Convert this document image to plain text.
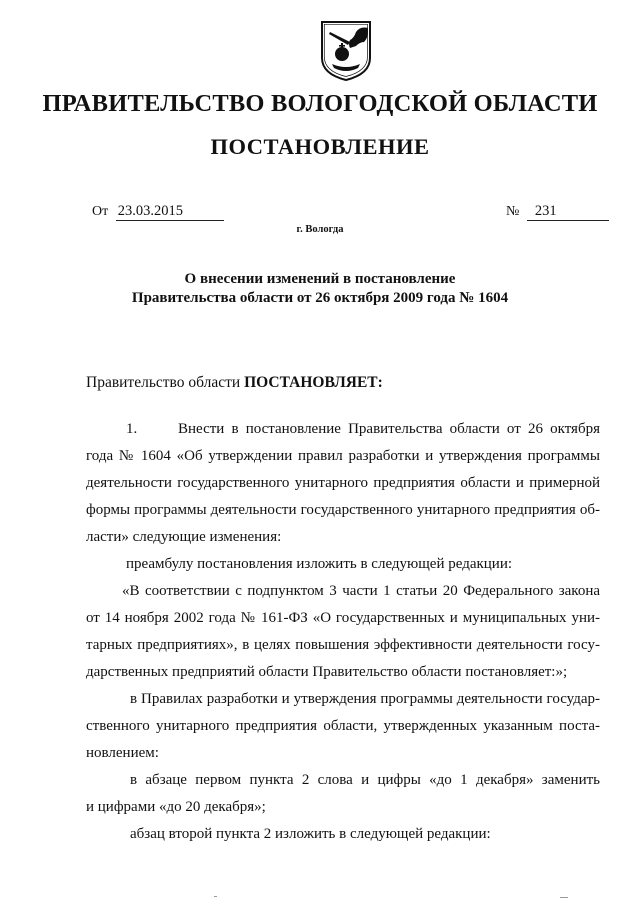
ПРАВИТЕЛЬСТВО ВОЛОГОДСКОЙ ОБЛАСТИ
ПОСТАНОВЛЕНИЕ
От 23.03.2015	№ 231
г. Вологда
О внесении изменений в постановление
Правительства области от 26 октября 2009 года № 1604
Правительство области ПОСТАНОВЛЯЕТ:
1.	Внести в постановление Правительства области от 26 октября
года № 1604 «Об утверждении правил разработки и утверждения программы
деятельности государственного унитарного предприятия области и примерной
формы программы деятельности государственного унитарного предприятия об-
ласти» следующие изменения:
преамбулу постановления изложить в следующей редакции:
«В соответствии с подпунктом 3 части 1 статьи 20 Федерального закона
от 14 ноября 2002 года № 161-ФЗ «О государственных и муниципальных уни-
тарных предприятиях», в целях повышения эффективности деятельности госу-
дарственных предприятий области Правительство области постановляет:»;
в Правилах разработки и утверждения программы деятельности государ-
ственного унитарного предприятия области, утвержденных указанным поста-
новлением:
в абзаце первом пункта 2 слова и цифры «до 1 декабря» заменить
и цифрами «до 20 декабря»;
абзац второй пункта 2 изложить в следующей редакции:
